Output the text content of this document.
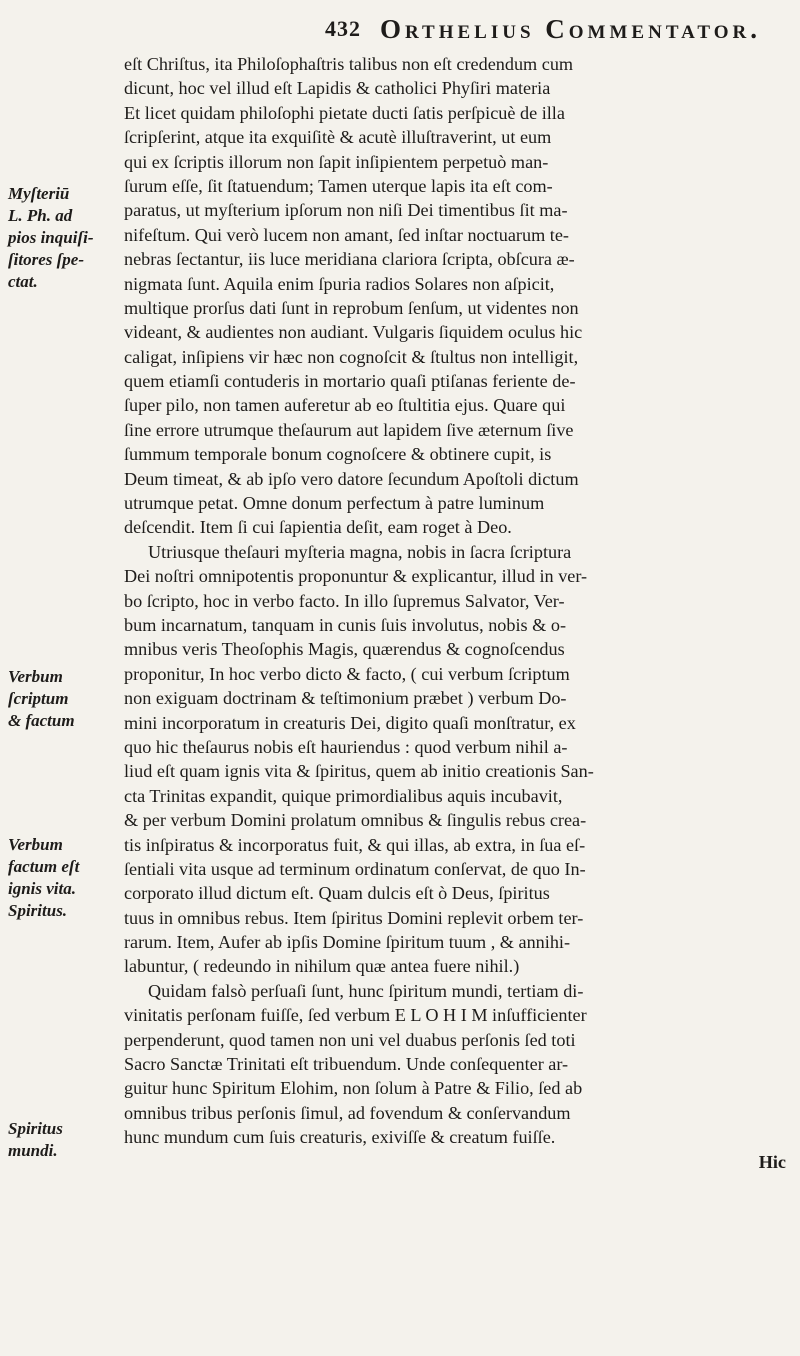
432 Orthelius Commentator.
Myſteriū
L. Ph. ad
pios inquiſi-
ſitores ſpe-
ctat.
Verbum
ſcriptum
& factum
Verbum
factum eſt
ignis vita.
Spiritus.
Spiritus
mundi.
eſt Chriſtus, ita Philoſophaſtris talibus non eſt credendum cum
dicunt, hoc vel illud eſt Lapidis & catholici Phyſiri materia
Et licet quidam philoſophi pietate ducti ſatis perſpicuè de illa
ſcripſerint, atque ita exquiſitè & acutè illuſtraverint, ut eum
qui ex ſcriptis illorum non ſapit inſipientem perpetuò man-
ſurum eſſe, ſit ſtatuendum; Tamen uterque lapis ita eſt com-
paratus, ut myſterium ipſorum non niſi Dei timentibus ſit ma-
nifeſtum. Qui verò lucem non amant, ſed inſtar noctuarum te-
nebras ſectantur, iis luce meridiana clariora ſcripta, obſcura æ-
nigmata ſunt. Aquila enim ſpuria radios Solares non aſpicit,
multique prorſus dati ſunt in reprobum ſenſum, ut videntes non
videant, & audientes non audiant. Vulgaris ſiquidem oculus hic
caligat, inſipiens vir hæc non cognoſcit & ſtultus non intelligit,
quem etiamſi contuderis in mortario quaſi ptiſanas feriente de-
ſuper pilo, non tamen auferetur ab eo ſtultitia ejus. Quare qui
ſine errore utrumque theſaurum aut lapidem ſive æternum ſive
ſummum temporale bonum cognoſcere & obtinere cupit, is
Deum timeat, & ab ipſo vero datore ſecundum Apoſtoli dictum
utrumque petat. Omne donum perfectum à patre luminum
deſcendit. Item ſi cui ſapientia deſit, eam roget à Deo.
Utriusque theſauri myſteria magna, nobis in ſacra ſcriptura
Dei noſtri omnipotentis proponuntur & explicantur, illud in ver-
bo ſcripto, hoc in verbo facto. In illo ſupremus Salvator, Ver-
bum incarnatum, tanquam in cunis ſuis involutus, nobis & o-
mnibus veris Theoſophis Magis, quærendus & cognoſcendus
proponitur, In hoc verbo dicto & facto, ( cui verbum ſcriptum
non exiguam doctrinam & teſtimonium præbet ) verbum Do-
mini incorporatum in creaturis Dei, digito quaſi monſtratur, ex
quo hic theſaurus nobis eſt hauriendus : quod verbum nihil a-
liud eſt quam ignis vita & ſpiritus, quem ab initio creationis San-
cta Trinitas expandit, quique primordialibus aquis incubavit,
& per verbum Domini prolatum omnibus & ſingulis rebus crea-
tis inſpiratus & incorporatus fuit, & qui illas, ab extra, in ſua eſ-
ſentiali vita usque ad terminum ordinatum conſervat, de quo In-
corporato illud dictum eſt. Quam dulcis eſt ò Deus, ſpiritus
tuus in omnibus rebus. Item ſpiritus Domini replevit orbem ter-
rarum. Item, Aufer ab ipſis Domine ſpiritum tuum , & annihi-
labuntur, ( redeundo in nihilum quæ antea fuere nihil.)
Quidam falsò perſuaſi ſunt, hunc ſpiritum mundi, tertiam di-
vinitatis perſonam fuiſſe, ſed verbum E L O H I M inſufficienter
perpenderunt, quod tamen non uni vel duabus perſonis ſed toti
Sacro Sanctæ Trinitati eſt tribuendum. Unde conſequenter ar-
guitur hunc Spiritum Elohim, non ſolum à Patre & Filio, ſed ab
omnibus tribus perſonis ſimul, ad fovendum & conſervandum
hunc mundum cum ſuis creaturis, exiviſſe & creatum fuiſſe.
Hic
